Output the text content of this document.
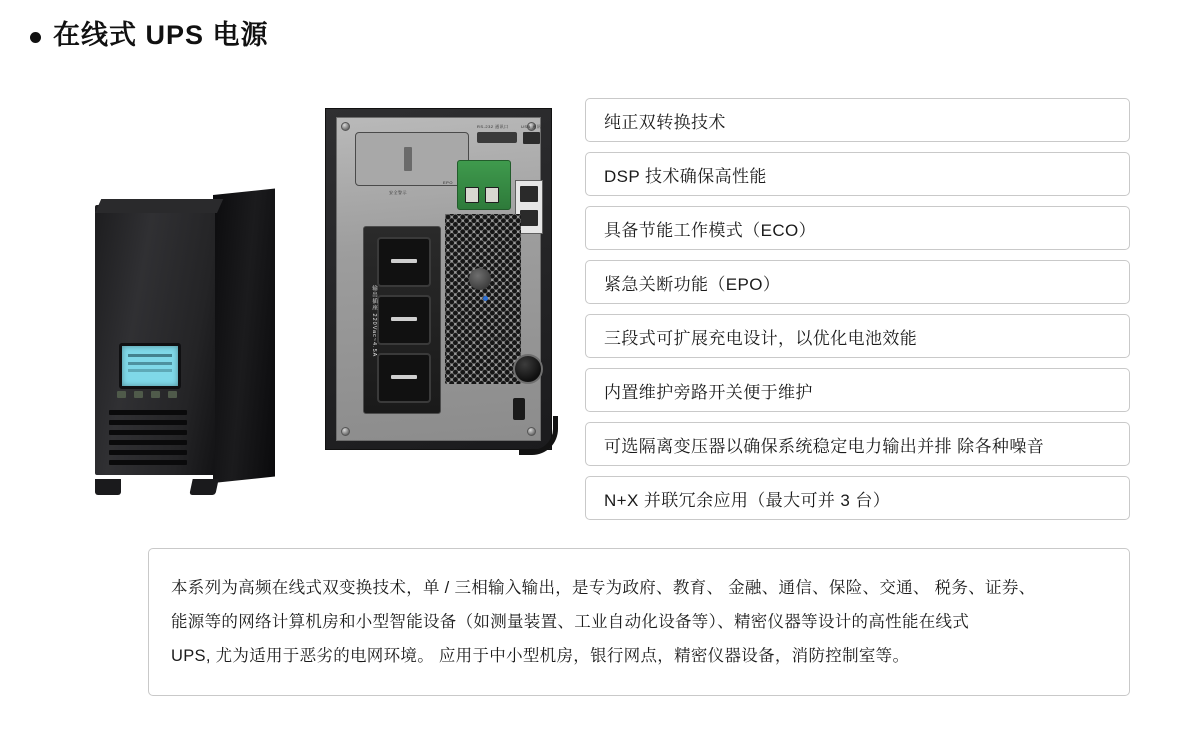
在线式 UPS 电源
安全警示
RS-232 通讯口	USB 通讯口
EPO
输出插座 220Vac~4.5A	二次断路器
纯正双转换技术
DSP 技术确保高性能
具备节能工作模式（ECO）
紧急关断功能（EPO）
三段式可扩展充电设计，以优化电池效能
内置维护旁路开关便于维护
可选隔离变压器以确保系统稳定电力输出并排 除各种噪音
N+X 并联冗余应用（最大可并 3 台）
本系列为高频在线式双变换技术，单 / 三相输入输出，是专为政府、教育、 金融、通信、保险、交通、 税务、证券、
能源等的网络计算机房和小型智能设备（如测量装置、工业自动化设备等）、精密仪器等设计的高性能在线式
UPS, 尤为适用于恶劣的电网环境。 应用于中小型机房，银行网点，精密仪器设备，消防控制室等。
